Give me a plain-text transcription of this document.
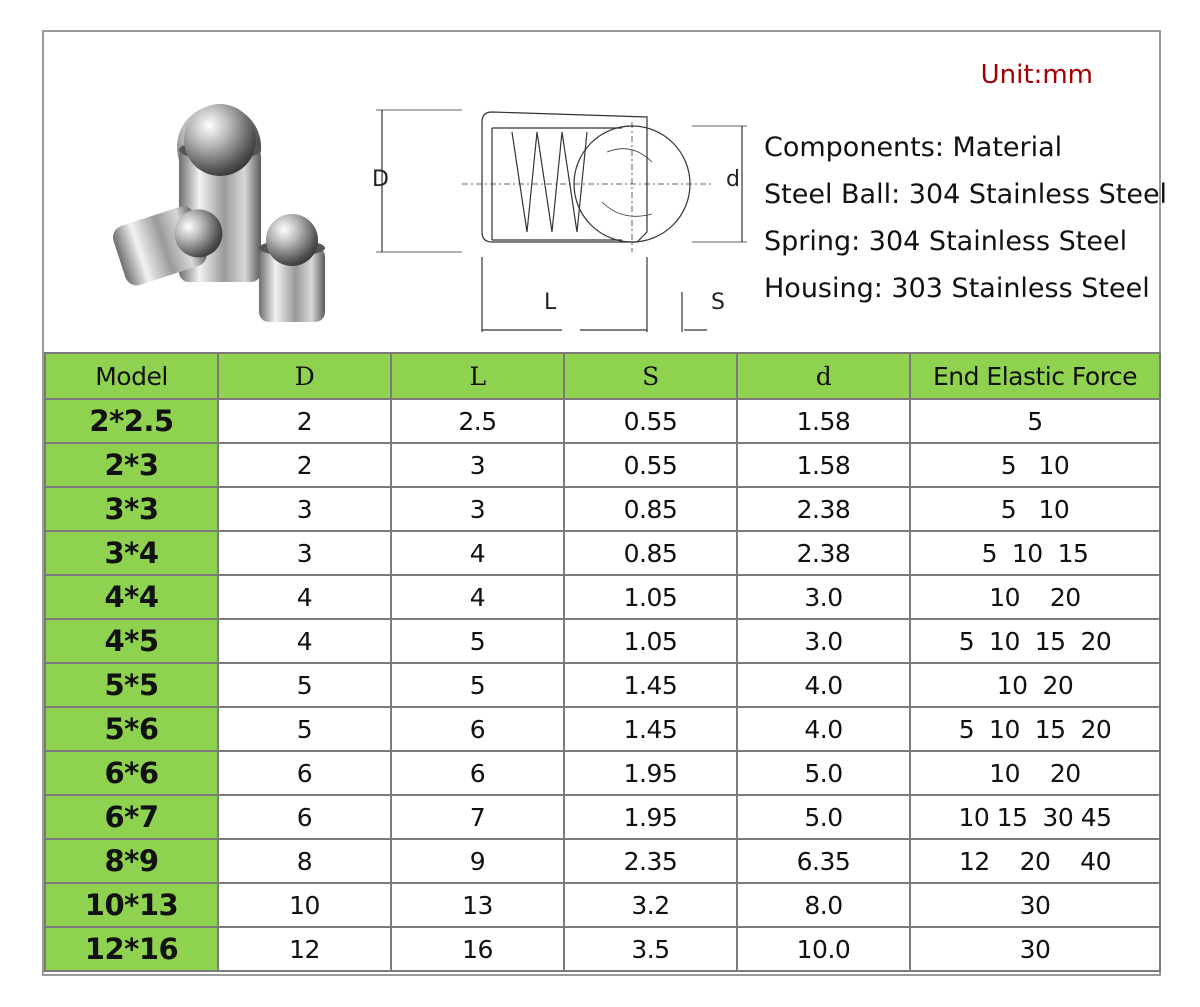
D	d
L	S
Unit:mm
Components: Material
Steel Ball: 304 Stainless Steel
Spring: 304 Stainless Steel
Housing: 303 Stainless Steel
Model	D	L	S	d	End Elastic Force
2*2.5	2	2.5	0.55	1.58	5
2*3	2	3	0.55	1.58	5   10
3*3	3	3	0.85	2.38	5   10
3*4	3	4	0.85	2.38	5  10  15
4*4	4	4	1.05	3.0	10    20
4*5	4	5	1.05	3.0	5  10  15  20
5*5	5	5	1.45	4.0	10  20
5*6	5	6	1.45	4.0	5  10  15  20
6*6	6	6	1.95	5.0	10    20
6*7	6	7	1.95	5.0	10 15  30 45
8*9	8	9	2.35	6.35	12    20    40
10*13	10	13	3.2	8.0	30
12*16	12	16	3.5	10.0	30
